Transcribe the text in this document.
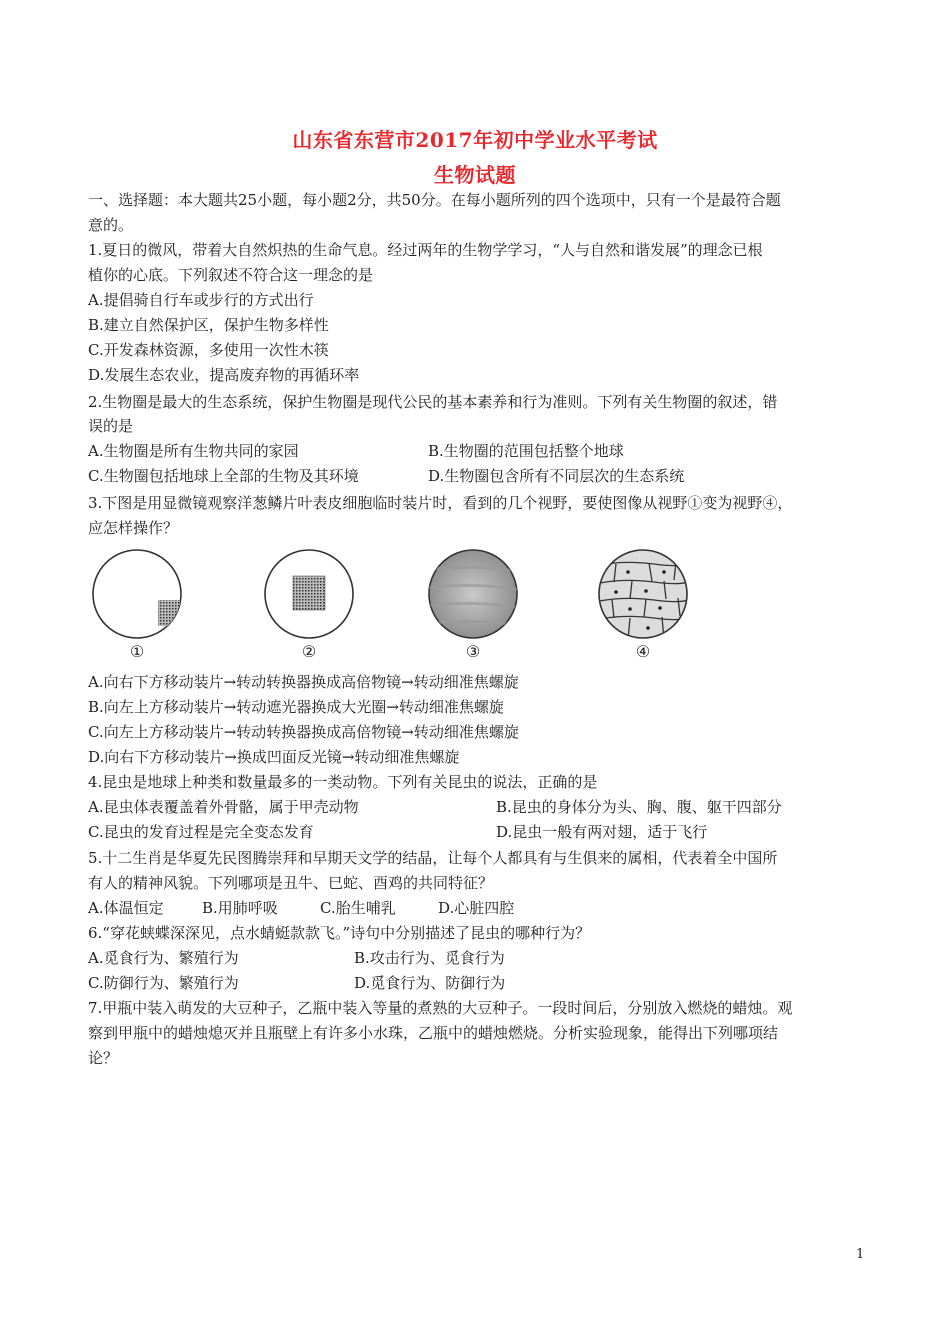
山东省东营市2017年初中学业水平考试
生物试题
一、选择题：本大题共25小题，每小题2分，共50分。在每小题所列的四个选项中，只有一个是最符合题
意的。
1.夏日的微风，带着大自然炽热的生命气息。经过两年的生物学学习，“人与自然和谐发展”的理念已根
植你的心底。下列叙述不符合这一理念的是
A.提倡骑自行车或步行的方式出行
B.建立自然保护区，保护生物多样性
C.开发森林资源，多使用一次性木筷
D.发展生态农业，提高废弃物的再循环率
2.生物圈是最大的生态系统，保护生物圈是现代公民的基本素养和行为准则。下列有关生物圈的叙述，错
误的是
A.生物圈是所有生物共同的家园	B.生物圈的范围包括整个地球
C.生物圈包括地球上全部的生物及其环境	D.生物圈包含所有不同层次的生态系统
3.下图是用显微镜观察洋葱鳞片叶表皮细胞临时装片时，看到的几个视野，要使图像从视野①变为视野④，
应怎样操作？
①	②	③	④
A.向右下方移动装片→转动转换器换成高倍物镜→转动细准焦螺旋
B.向左上方移动装片→转动遮光器换成大光圈→转动细准焦螺旋
C.向左上方移动装片→转动转换器换成高倍物镜→转动细准焦螺旋
D.向右下方移动装片→换成凹面反光镜→转动细准焦螺旋
4.昆虫是地球上种类和数量最多的一类动物。下列有关昆虫的说法，正确的是
A.昆虫体表覆盖着外骨骼，属于甲壳动物	B.昆虫的身体分为头、胸、腹、躯干四部分
C.昆虫的发育过程是完全变态发育	D.昆虫一般有两对翅，适于飞行
5.十二生肖是华夏先民图腾崇拜和早期天文学的结晶，让每个人都具有与生俱来的属相，代表着全中国所
有人的精神风貌。下列哪项是丑牛、巳蛇、酉鸡的共同特征？
A.体温恒定	B.用肺呼吸	C.胎生哺乳	D.心脏四腔
6.“穿花蛱蝶深深见，点水蜻蜓款款飞。”诗句中分别描述了昆虫的哪种行为？
A.觅食行为、繁殖行为	B.攻击行为、觅食行为
C.防御行为、繁殖行为	D.觅食行为、防御行为
7.甲瓶中装入萌发的大豆种子，乙瓶中装入等量的煮熟的大豆种子。一段时间后，分别放入燃烧的蜡烛。观
察到甲瓶中的蜡烛熄灭并且瓶壁上有许多小水珠，乙瓶中的蜡烛燃烧。分析实验现象，能得出下列哪项结
论？
1
